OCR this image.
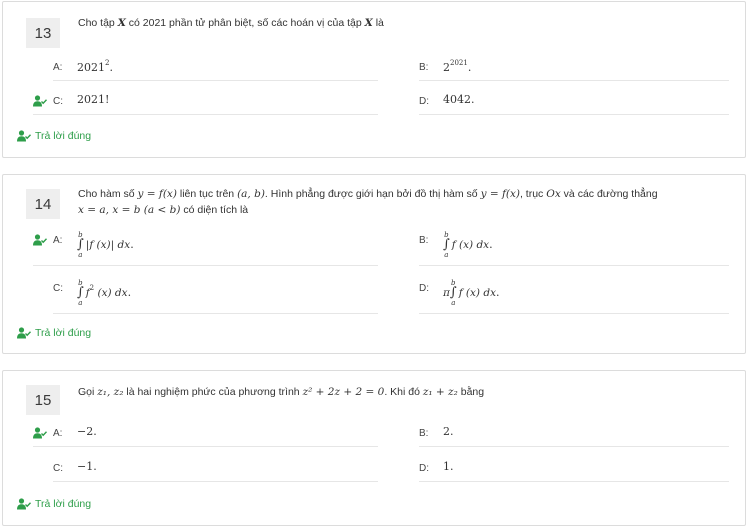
13
Cho tập X có 2021 phần tử phân biệt, số các hoán vị của tập X là
A:	2021$^2$.	B:	$2^{2021}$.
C:	2021!	D:	4042.
Trả lời đúng
14
Cho hàm số y = f(x) liên tục trên (a, b). Hình phẳng được giới hạn bởi đồ thị hàm số y = f(x), trục Ox và các đường thẳng
x = a, x = b (a < b) có diện tích là
A:	b
∫
a
|f (x)| dx.	B:	b
∫
a
f (x) dx.
C:	b
∫
a
$f^2$ (x) dx.	D:	π
b
∫
a
f (x) dx.
Trả lời đúng
15	Gọi z₁, z₂ là hai nghiệm phức của phương trình z² + 2z + 2 = 0. Khi đó z₁ + z₂ bằng
A:	−2.	B:	2.
C:	−1.	D:	1.
Trả lời đúng
